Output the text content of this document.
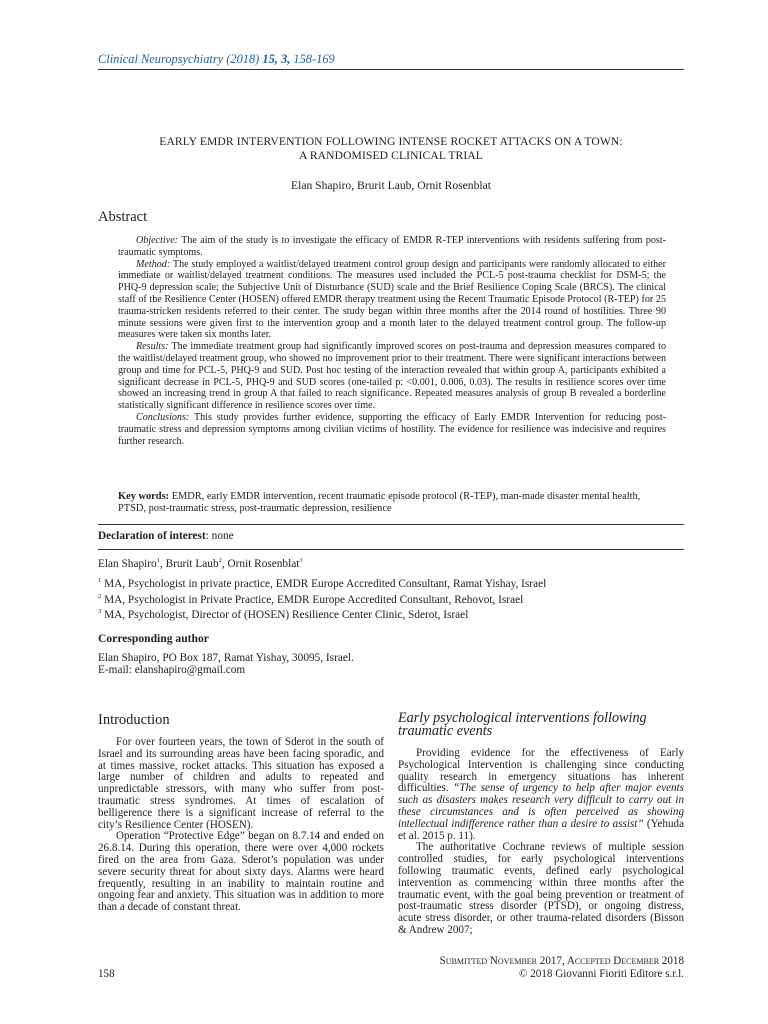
Clinical Neuropsychiatry (2018) 15, 3, 158-169
EARLY EMDR INTERVENTION FOLLOWING INTENSE ROCKET ATTACKS ON A TOWN:
A RANDOMISED CLINICAL TRIAL
Elan Shapiro, Brurit Laub, Ornit Rosenblat
Abstract

Objective: The aim of the study is to investigate the efficacy of EMDR R-TEP interventions with residents suffering from post-traumatic symptoms.

Method: The study employed a waitlist/delayed treatment control group design and participants were randomly allocated to either immediate or waitlist/delayed treatment conditions. The measures used included the PCL-5 post-trauma checklist for DSM-5; the PHQ-9 depression scale; the Subjective Unit of Disturbance (SUD) scale and the Brief Resilience Coping Scale (BRCS). The clinical staff of the Resilience Center (HOSEN) offered EMDR therapy treatment using the Recent Traumatic Episode Protocol (R-TEP) for 25 trauma-stricken residents referred to their center. The study began within three months after the 2014 round of hostilities. Three 90 minute sessions were given first to the intervention group and a month later to the delayed treatment control group. The follow-up measures were taken six months later.

Results: The immediate treatment group had significantly improved scores on post-trauma and depression measures compared to the waitlist/delayed treatment group, who showed no improvement prior to their treatment. There were significant interactions between group and time for PCL-5, PHQ-9 and SUD. Post hoc testing of the interaction revealed that within group A, participants exhibited a significant decrease in PCL-5, PHQ-9 and SUD scores (one-tailed p: <0.001, 0.006, 0.03). The results in resilience scores over time showed an increasing trend in group A that failed to reach significance. Repeated measures analysis of group B revealed a borderline statistically significant difference in resilience scores over time.

Conclusions: This study provides further evidence, supporting the efficacy of Early EMDR Intervention for reducing post-traumatic stress and depression symptoms among civilian victims of hostility. The evidence for resilience was indecisive and requires further research.

Key words: EMDR, early EMDR intervention, recent traumatic episode protocol (R-TEP), man-made disaster mental health, PTSD, post-traumatic stress, post-traumatic depression, resilience
Declaration of interest: none
Elan Shapiro$^1$, Brurit Laub$^2$, Ornit Rosenblat$^3$
$^1$ MA, Psychologist in private practice, EMDR Europe Accredited Consultant, Ramat Yishay, Israel
$^2$ MA, Psychologist in Private Practice, EMDR Europe Accredited Consultant, Rehovot, Israel
$^3$ MA, Psychologist, Director of (HOSEN) Resilience Center Clinic, Sderot, Israel
Corresponding author
Elan Shapiro, PO Box 187, Ramat Yishay, 30095, Israel.
E-mail: elanshapiro@gmail.com
Introduction

For over fourteen years, the town of Sderot in the south of Israel and its surrounding areas have been facing sporadic, and at times massive, rocket attacks. This situation has exposed a large number of children and adults to repeated and unpredictable stressors, with many who suffer from post-traumatic stress syndromes. At times of escalation of belligerence there is a significant increase of referral to the city’s Resilience Center (HOSEN).

Operation “Protective Edge” began on 8.7.14 and ended on 26.8.14. During this operation, there were over 4,000 rockets fired on the area from Gaza. Sderot’s population was under severe security threat for about sixty days. Alarms were heard frequently, resulting in an inability to maintain routine and ongoing fear and anxiety. This situation was in addition to more than a decade of constant threat.

Early psychological interventions following traumatic events

Providing evidence for the effectiveness of Early Psychological Intervention is challenging since conducting quality research in emergency situations has inherent difficulties. “The sense of urgency to help after major events such as disasters makes research very difficult to carry out in these circumstances and is often perceived as showing intellectual indifference rather than a desire to assist” (Yehuda et al. 2015 p. 11).

The authoritative Cochrane reviews of multiple session controlled studies, for early psychological interventions following traumatic events, defined early psychological intervention as commencing within three months after the traumatic event, with the goal being prevention or treatment of post-traumatic stress disorder (PTSD), or ongoing distress, acute stress disorder, or other trauma-related disorders (Bisson & Andrew 2007;

Submitted November 2017, Accepted December 2018
© 2018 Giovanni Fioriti Editore s.r.l.
158
